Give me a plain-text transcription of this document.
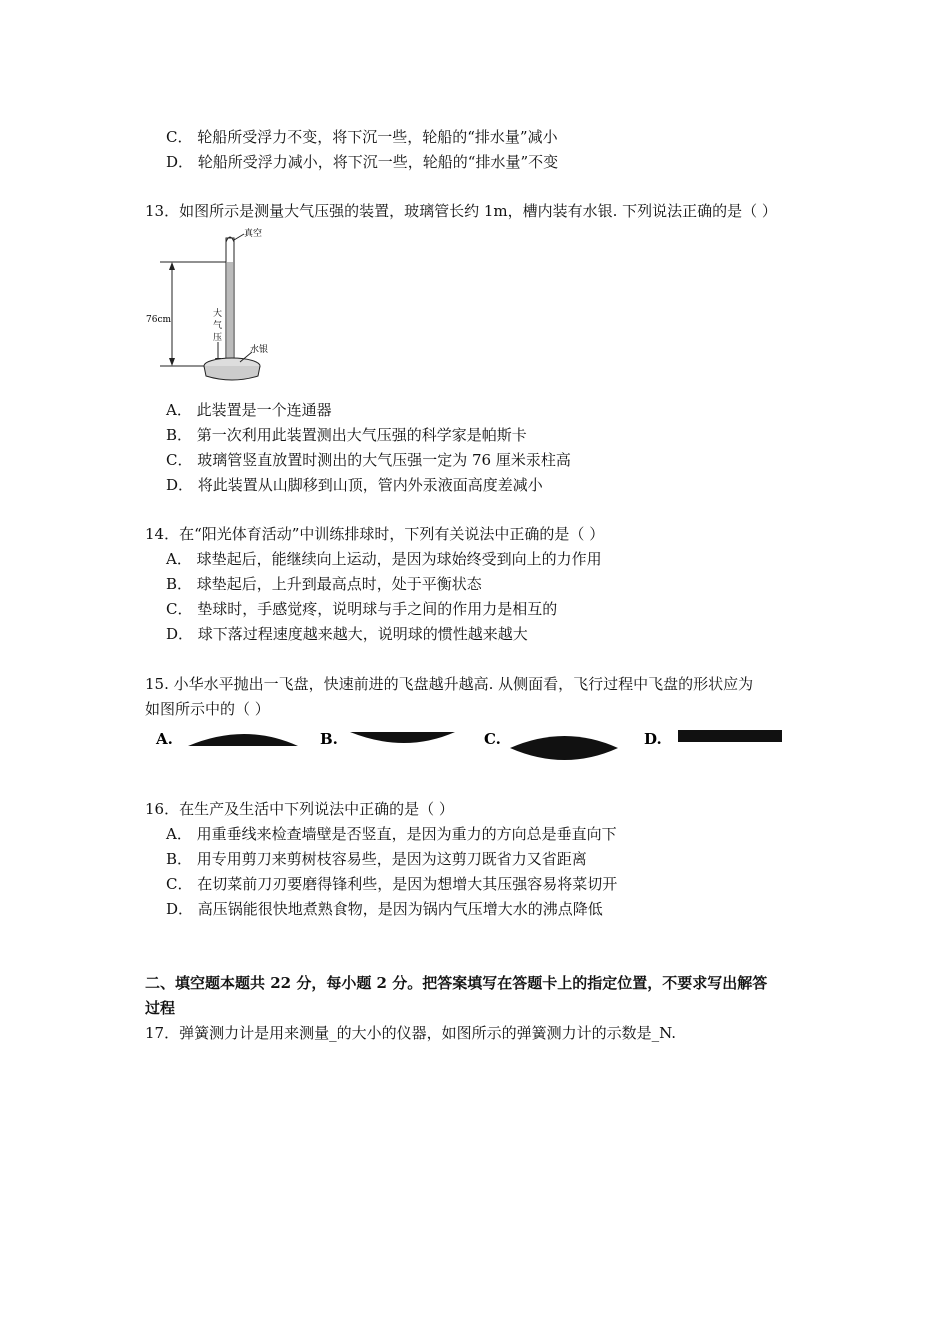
C． 轮船所受浮力不变，将下沉一些，轮船的“排水量”减小
D． 轮船所受浮力减小，将下沉一些，轮船的“排水量”不变
13．如图所示是测量大气压强的装置，玻璃管长约 1m，槽内装有水银. 下列说法正确的是（ ）
76cm
真空
大
气
压
水银
A． 此装置是一个连通器
B． 第一次利用此装置测出大气压强的科学家是帕斯卡
C． 玻璃管竖直放置时测出的大气压强一定为 76 厘米汞柱高
D． 将此装置从山脚移到山顶，管内外汞液面高度差减小
14．在“阳光体育活动”中训练排球时，下列有关说法中正确的是（ ）
A． 球垫起后，能继续向上运动，是因为球始终受到向上的力作用
B． 球垫起后，上升到最高点时，处于平衡状态
C． 垫球时，手感觉疼，说明球与手之间的作用力是相互的
D． 球下落过程速度越来越大，说明球的惯性越来越大
15. 小华水平抛出一飞盘，快速前进的飞盘越升越高. 从侧面看，飞行过程中飞盘的形状应为
如图所示中的（ ）
A.	B.	C.	D.
16．在生产及生活中下列说法中正确的是（ ）
A． 用重垂线来检查墙壁是否竖直，是因为重力的方向总是垂直向下
B． 用专用剪刀来剪树枝容易些，是因为这剪刀既省力又省距离
C． 在切菜前刀刃要磨得锋利些，是因为想增大其压强容易将菜切开
D． 高压锅能很快地煮熟食物，是因为锅内气压增大水的沸点降低
二、填空题本题共 22 分，每小题 2 分。把答案填写在答题卡上的指定位置，不要求写出解答
过程
17．弹簧测力计是用来测量_的大小的仪器，如图所示的弹簧测力计的示数是_N.
